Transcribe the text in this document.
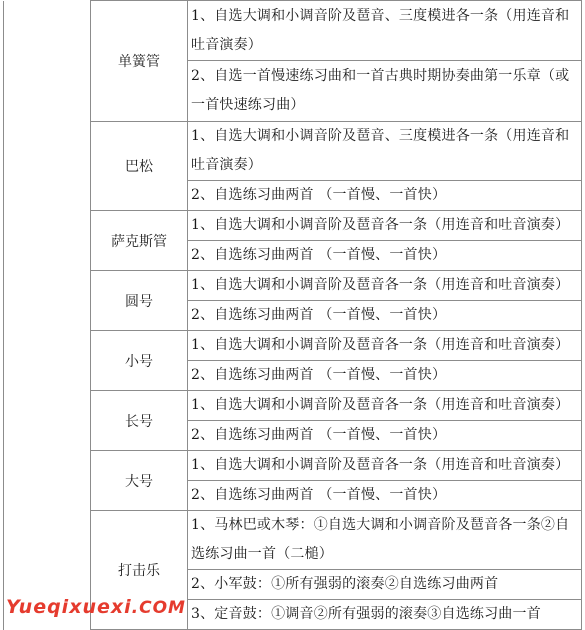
	单簧管	1、自选大调和小调音阶及琶音、三度模进各一条（用连音和吐音演奏）
		2、自选一首慢速练习曲和一首古典时期协奏曲第一乐章（或一首快速练习曲）
	巴松	1、自选大调和小调音阶及琶音、三度模进各一条（用连音和吐音演奏）
		2、自选练习曲两首 （一首慢、一首快）
	萨克斯管	1、自选大调和小调音阶及琶音各一条（用连音和吐音演奏）
		2、自选练习曲两首 （一首慢、一首快）
	圆号	1、自选大调和小调音阶及琶音各一条（用连音和吐音演奏）
		2、自选练习曲两首 （一首慢、一首快）
	小号	1、自选大调和小调音阶及琶音各一条（用连音和吐音演奏）
		2、自选练习曲两首 （一首慢、一首快）
	长号	1、自选大调和小调音阶及琶音各一条（用连音和吐音演奏）
		2、自选练习曲两首 （一首慢、一首快）
	大号	1、自选大调和小调音阶及琶音各一条（用连音和吐音演奏）
		2、自选练习曲两首 （一首慢、一首快）
	打击乐	1、马林巴或木琴：①自选大调和小调音阶及琶音各一条②自选练习曲一首（二槌）
		2、小军鼓：①所有强弱的滚奏②自选练习曲两首
		3、定音鼓：①调音②所有强弱的滚奏③自选练习曲一首
Yueqixuexi.COM
